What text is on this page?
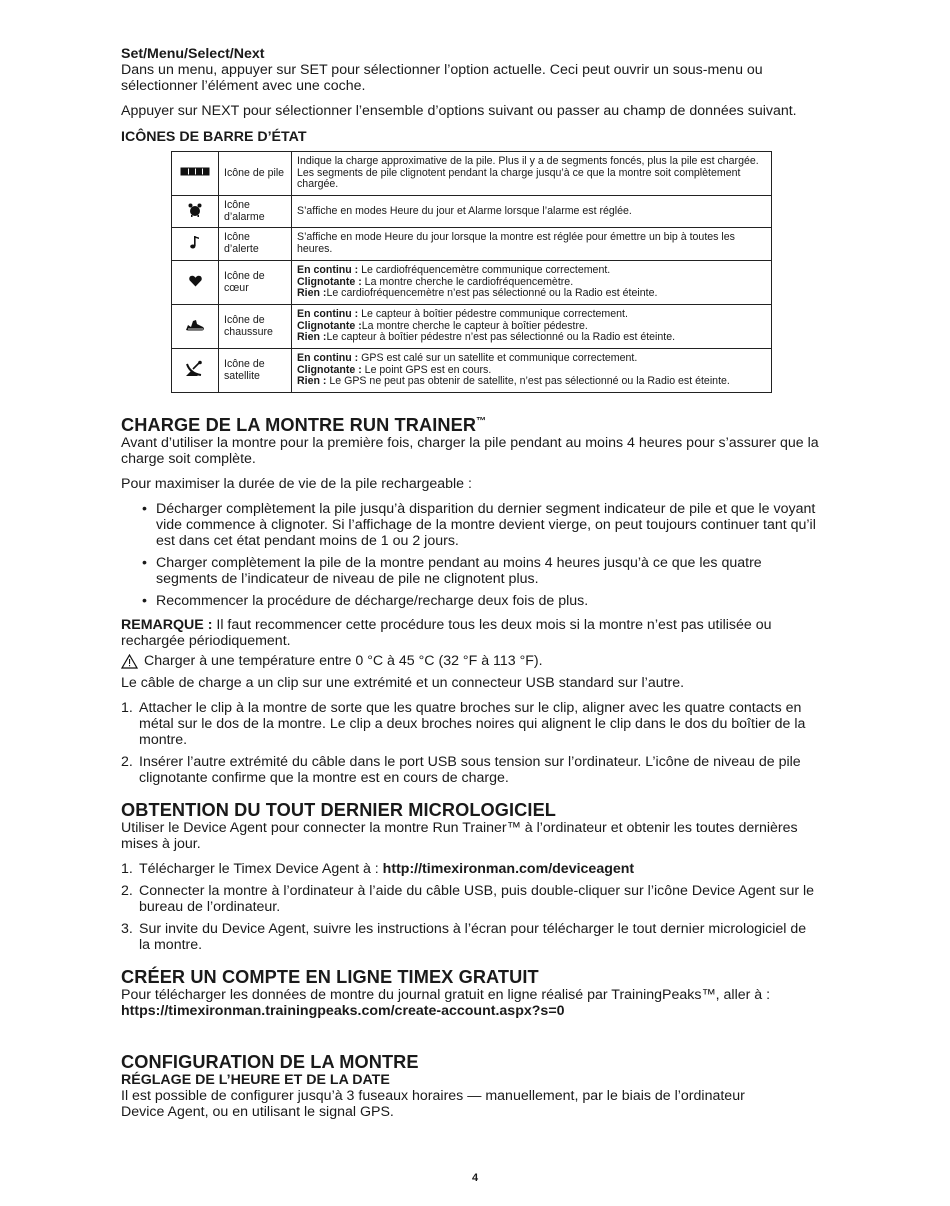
Set/Menu/Select/Next

Dans un menu, appuyer sur SET pour sélectionner l’option actuelle. Ceci peut ouvrir un sous-menu ou sélectionner l’élément avec une coche.

Appuyer sur NEXT pour sélectionner l’ensemble d’options suivant ou passer au champ de données suivant.

ICÔNES DE BARRE D’ÉTAT
	Icône de pile	Indique la charge approximative de la pile. Plus il y a de segments foncés, plus la pile est chargée. Les segments de pile clignotent pendant la charge jusqu’à ce que la montre soit complètement chargée.
	Icône d’alarme	S’affiche en modes Heure du jour et Alarme lorsque l’alarme est réglée.
	Icône d’alerte	S’affiche en mode Heure du jour lorsque la montre est réglée pour émettre un bip à toutes les heures.
	Icône de cœur	En continu : Le cardiofréquencemètre communique correctement.
Clignotante : La montre cherche le cardiofréquencemètre.
Rien :Le cardiofréquencemètre n’est pas sélectionné ou la Radio est éteinte.

	Icône de chaussure	En continu : Le capteur à boîtier pédestre communique correctement.
Clignotante :La montre cherche le capteur à boîtier pédestre.
Rien :Le capteur à boîtier pédestre n’est pas sélectionné ou la Radio est éteinte.

	Icône de satellite	En continu : GPS est calé sur un satellite et communique correctement.
Clignotante : Le point GPS est en cours.
Rien : Le GPS ne peut pas obtenir de satellite, n’est pas sélectionné ou la Radio est éteinte.
CHARGE DE LA MONTRE RUN TRAINER™

Avant d’utiliser la montre pour la première fois, charger la pile pendant au moins 4 heures pour s’assurer que la charge soit complète.

Pour maximiser la durée de vie de la pile rechargeable :

• Décharger complètement la pile jusqu’à disparition du dernier segment indicateur de pile et que le voyant vide commence à clignoter. Si l’affichage de la montre devient vierge, on peut toujours continuer tant qu’il est dans cet état pendant moins de 1 ou 2 jours.
• Charger complètement la pile de la montre pendant au moins 4 heures jusqu’à ce que les quatre segments de l’indicateur de niveau de pile ne clignotent plus.
• Recommencer la procédure de décharge/recharge deux fois de plus.

REMARQUE : Il faut recommencer cette procédure tous les deux mois si la montre n’est pas utilisée ou rechargée périodiquement.

Charger à une température entre 0 °C à 45 °C (32 °F à 113 °F).

Le câble de charge a un clip sur une extrémité et un connecteur USB standard sur l’autre.

1. Attacher le clip à la montre de sorte que les quatre broches sur le clip, aligner avec les quatre contacts en métal sur le dos de la montre. Le clip a deux broches noires qui alignent le clip dans le dos du boîtier de la montre.
2. Insérer l’autre extrémité du câble dans le port USB sous tension sur l’ordinateur. L’icône de niveau de pile clignotante confirme que la montre est en cours de charge.
OBTENTION DU TOUT DERNIER MICROLOGICIEL

Utiliser le Device Agent pour connecter la montre Run Trainer™ à l’ordinateur et obtenir les toutes dernières mises à jour.

1. Télécharger le Timex Device Agent à : http://timexironman.com/deviceagent
2. Connecter la montre à l’ordinateur à l’aide du câble USB, puis double-cliquer sur l’icône Device Agent sur le bureau de l’ordinateur.
3. Sur invite du Device Agent, suivre les instructions à l’écran pour télécharger le tout dernier micrologiciel de la montre.
CRÉER UN COMPTE EN LIGNE TIMEX GRATUIT

Pour télécharger les données de montre du journal gratuit en ligne réalisé par TrainingPeaks™, aller à :

https://timexironman.trainingpeaks.com/create-account.aspx?s=0

CONFIGURATION DE LA MONTRE
RÉGLAGE DE L’HEURE ET DE LA DATE

Il est possible de configurer jusqu’à 3 fuseaux horaires — manuellement, par le biais de l’ordinateur Device Agent, ou en utilisant le signal GPS.

4
